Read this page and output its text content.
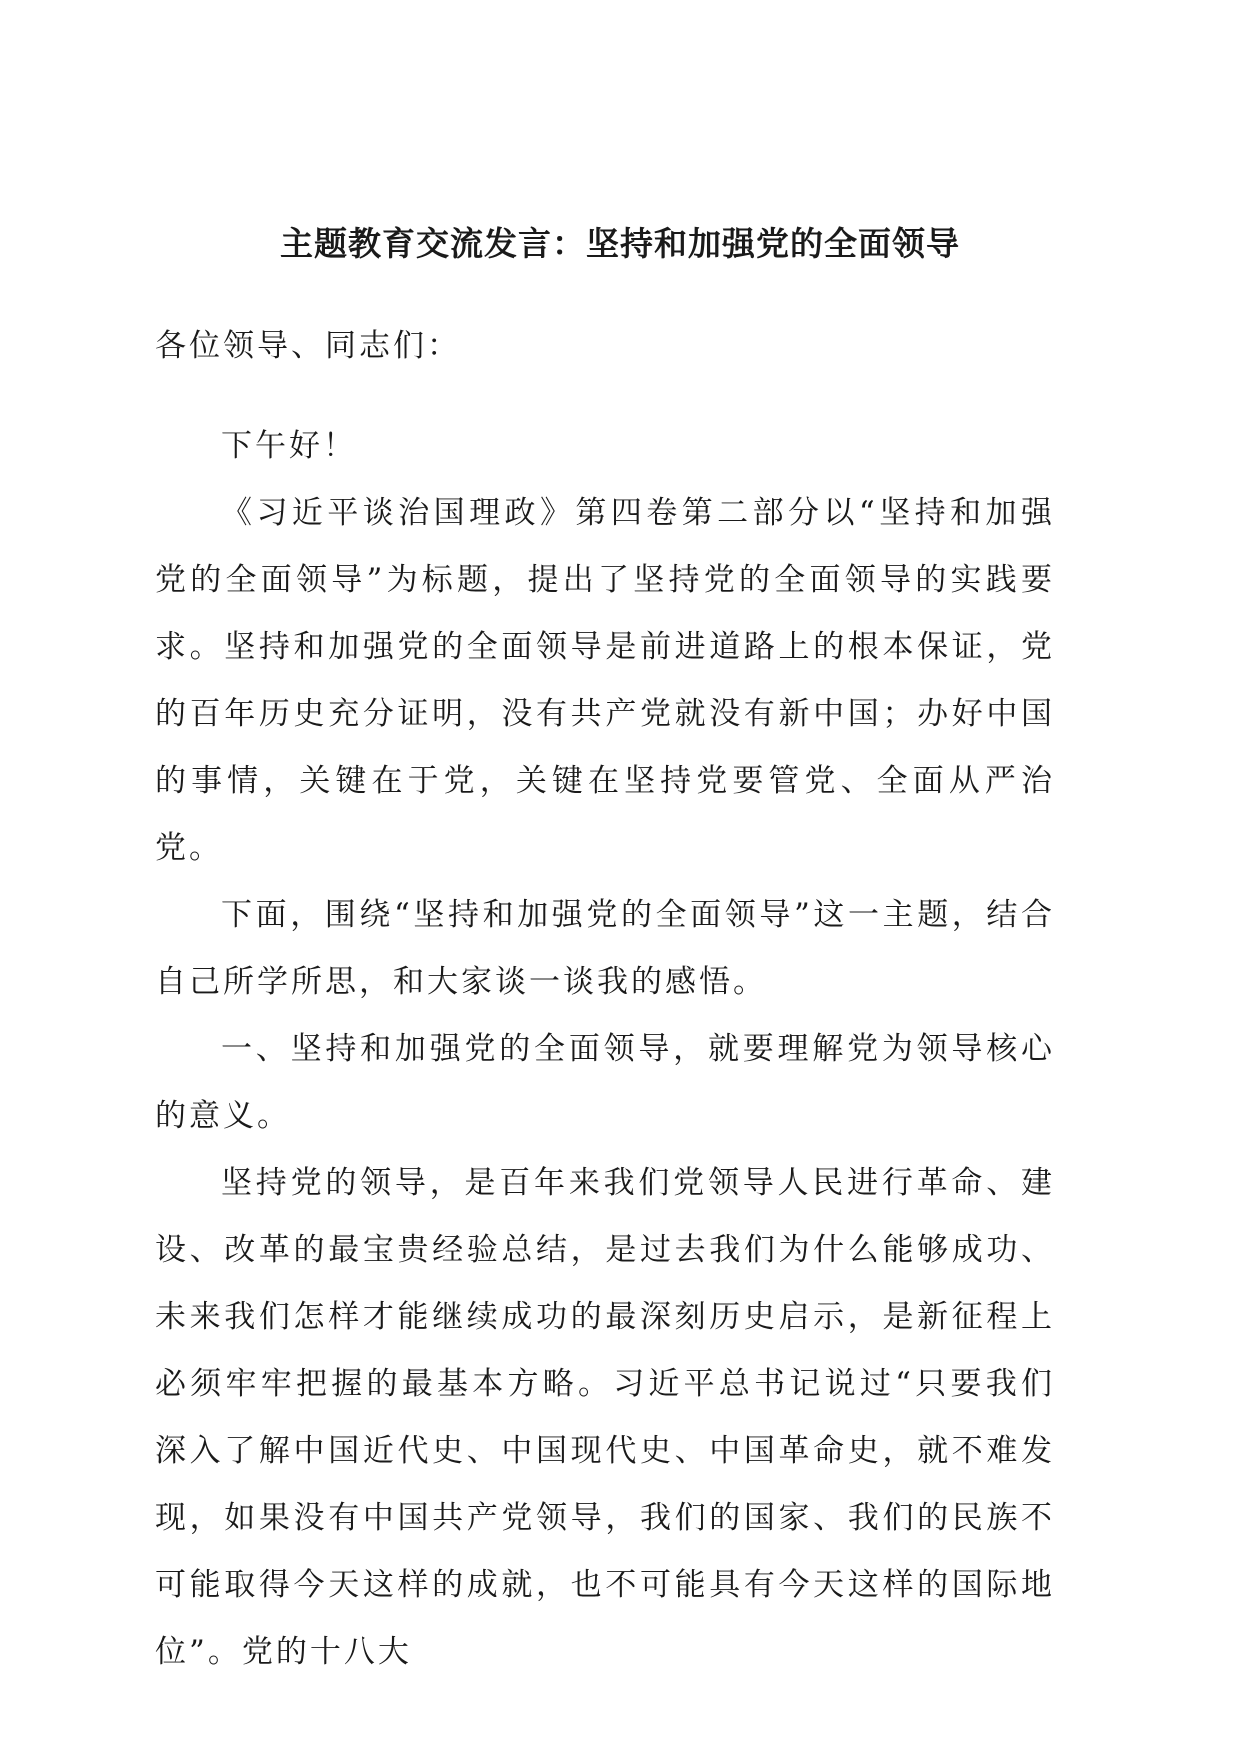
主题教育交流发言：坚持和加强党的全面领导

各位领导、同志们：

下午好！

《习近平谈治国理政》第四卷第二部分以“坚持和加强党的全面领导”为标题，提出了坚持党的全面领导的实践要求。坚持和加强党的全面领导是前进道路上的根本保证，党的百年历史充分证明，没有共产党就没有新中国；办好中国的事情，关键在于党，关键在坚持党要管党、全面从严治党。

下面，围绕“坚持和加强党的全面领导”这一主题，结合自己所学所思，和大家谈一谈我的感悟。

一、坚持和加强党的全面领导，就要理解党为领导核心的意义。

坚持党的领导，是百年来我们党领导人民进行革命、建设、改革的最宝贵经验总结，是过去我们为什么能够成功、未来我们怎样才能继续成功的最深刻历史启示，是新征程上必须牢牢把握的最基本方略。习近平总书记说过“只要我们深入了解中国近代史、中国现代史、中国革命史，就不难发现，如果没有中国共产党领导，我们的国家、我们的民族不可能取得今天这样的成就，也不可能具有今天这样的国际地位”。党的十八大
